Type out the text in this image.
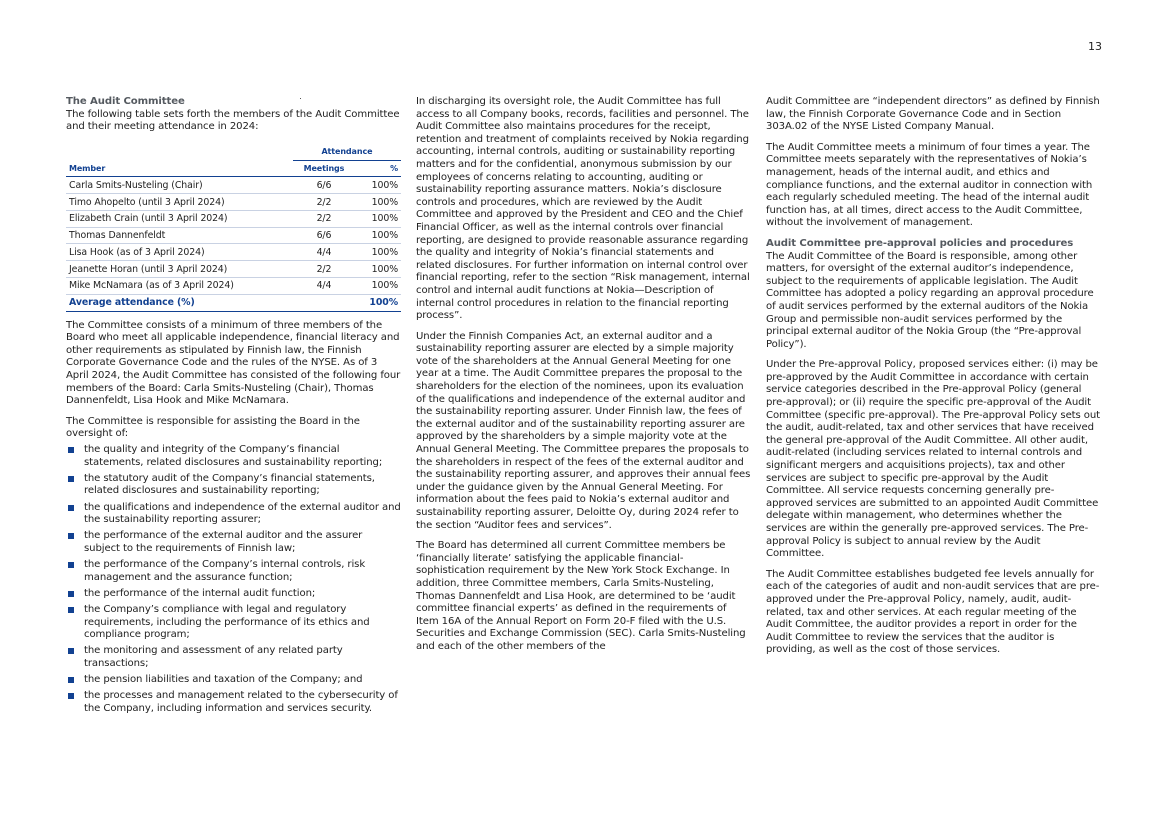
13
The Audit Committee

The following table sets forth the members of the Audit Committee and their meeting attendance in 2024:

	Attendance	
Member	Meetings	%
Carla Smits-Nusteling (Chair)	6/6	100%
Timo Ahopelto (until 3 April 2024)	2/2	100%
Elizabeth Crain (until 3 April 2024)	2/2	100%
Thomas Dannenfeldt	6/6	100%
Lisa Hook (as of 3 April 2024)	4/4	100%
Jeanette Horan (until 3 April 2024)	2/2	100%
Mike McNamara (as of 3 April 2024)	4/4	100%
Average attendance (%)		100%

The Committee consists of a minimum of three members of the Board who meet all applicable independence, financial literacy and other requirements as stipulated by Finnish law, the Finnish Corporate Governance Code and the rules of the NYSE. As of 3 April 2024, the Audit Committee has consisted of the following four members of the Board: Carla Smits-Nusteling (Chair), Thomas Dannenfeldt, Lisa Hook and Mike McNamara.

The Committee is responsible for assisting the Board in the oversight of:

the quality and integrity of the Company’s financial statements, related disclosures and sustainability reporting;
the statutory audit of the Company’s financial statements, related disclosures and sustainability reporting;
the qualifications and independence of the external auditor and the sustainability reporting assurer;
the performance of the external auditor and the assurer subject to the requirements of Finnish law;
the performance of the Company’s internal controls, risk management and the assurance function;
the performance of the internal audit function;
the Company’s compliance with legal and regulatory requirements, including the performance of its ethics and compliance program;
the monitoring and assessment of any related party transactions;
the pension liabilities and taxation of the Company; and
the processes and management related to the cybersecurity of the Company, including information and services security.

In discharging its oversight role, the Audit Committee has full access to all Company books, records, facilities and personnel. The Audit Committee also maintains procedures for the receipt, retention and treatment of complaints received by Nokia regarding accounting, internal controls, auditing or sustainability reporting matters and for the confidential, anonymous submission by our employees of concerns relating to accounting, auditing or sustainability reporting assurance matters. Nokia’s disclosure controls and procedures, which are reviewed by the Audit Committee and approved by the President and CEO and the Chief Financial Officer, as well as the internal controls over financial reporting, are designed to provide reasonable assurance regarding the quality and integrity of Nokia’s financial statements and related disclosures. For further information on internal control over financial reporting, refer to the section “Risk management, internal control and internal audit functions at Nokia—Description of internal control procedures in relation to the financial reporting process”.

Under the Finnish Companies Act, an external auditor and a sustainability reporting assurer are elected by a simple majority vote of the shareholders at the Annual General Meeting for one year at a time. The Audit Committee prepares the proposal to the shareholders for the election of the nominees, upon its evaluation of the qualifications and independence of the external auditor and the sustainability reporting assurer. Under Finnish law, the fees of the external auditor and of the sustainability reporting assurer are approved by the shareholders by a simple majority vote at the Annual General Meeting. The Committee prepares the proposals to the shareholders in respect of the fees of the external auditor and the sustainability reporting assurer, and approves their annual fees under the guidance given by the Annual General Meeting. For information about the fees paid to Nokia’s external auditor and sustainability reporting assurer, Deloitte Oy, during 2024 refer to the section “Auditor fees and services”.

The Board has determined all current Committee members be ‘financially literate’ satisfying the applicable financial-sophistication requirement by the New York Stock Exchange. In addition, three Committee members, Carla Smits-Nusteling, Thomas Dannenfeldt and Lisa Hook, are determined to be ‘audit committee financial experts’ as defined in the requirements of Item 16A of the Annual Report on Form 20-F filed with the U.S. Securities and Exchange Commission (SEC). Carla Smits-Nusteling and each of the other members of the

Audit Committee are “independent directors” as defined by Finnish law, the Finnish Corporate Governance Code and in Section 303A.02 of the NYSE Listed Company Manual.

The Audit Committee meets a minimum of four times a year. The Committee meets separately with the representatives of Nokia’s management, heads of the internal audit, and ethics and compliance functions, and the external auditor in connection with each regularly scheduled meeting. The head of the internal audit function has, at all times, direct access to the Audit Committee, without the involvement of management.

Audit Committee pre-approval policies and procedures

The Audit Committee of the Board is responsible, among other matters, for oversight of the external auditor’s independence, subject to the requirements of applicable legislation. The Audit Committee has adopted a policy regarding an approval procedure of audit services performed by the external auditors of the Nokia Group and permissible non-audit services performed by the principal external auditor of the Nokia Group (the “Pre-approval Policy”).

Under the Pre-approval Policy, proposed services either: (i) may be pre-approved by the Audit Committee in accordance with certain service categories described in the Pre-approval Policy (general pre-approval); or (ii) require the specific pre-approval of the Audit Committee (specific pre-approval). The Pre-approval Policy sets out the audit, audit-related, tax and other services that have received the general pre-approval of the Audit Committee. All other audit, audit-related (including services related to internal controls and significant mergers and acquisitions projects), tax and other services are subject to specific pre-approval by the Audit Committee. All service requests concerning generally pre-approved services are submitted to an appointed Audit Committee delegate within management, who determines whether the services are within the generally pre-approved services. The Pre-approval Policy is subject to annual review by the Audit Committee.

The Audit Committee establishes budgeted fee levels annually for each of the categories of audit and non-audit services that are pre-approved under the Pre-approval Policy, namely, audit, audit-related, tax and other services. At each regular meeting of the Audit Committee, the auditor provides a report in order for the Audit Committee to review the services that the auditor is providing, as well as the cost of those services.
